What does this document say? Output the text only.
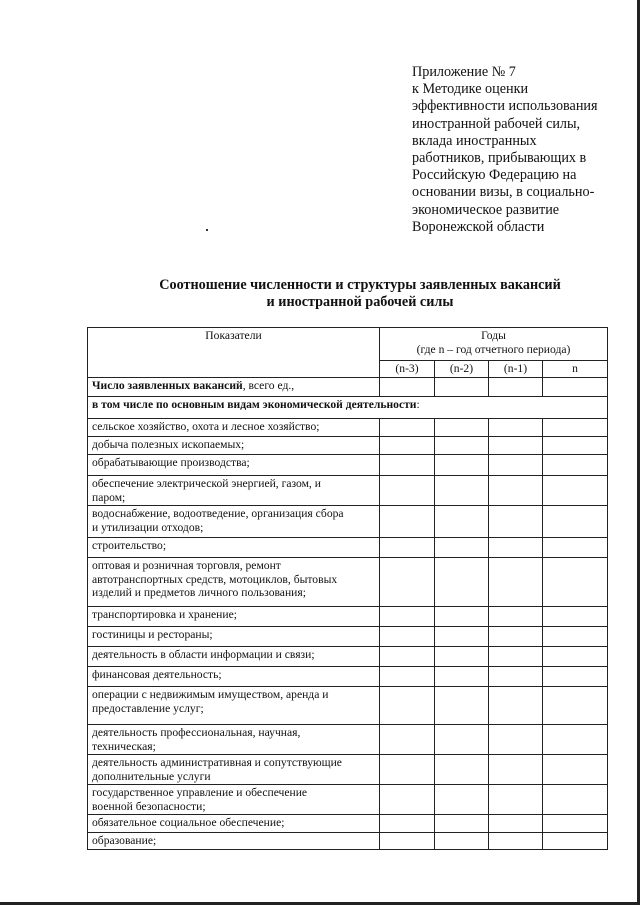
Приложение № 7
к Методике оценки
эффективности использования
иностранной рабочей силы,
вклада иностранных
работников, прибывающих в
Российскую Федерацию на
основании визы, в социально-
экономическое развитие
Воронежской области
Соотношение численности и структуры заявленных вакансий
и иностранной рабочей силы
Показатели	Годы
(где n – год отчетного периода)			

	(n-3)	(n-2)	(n-1)	n
Число заявленных вакансий, всего ед.,				
в том числе по основным видам экономической деятельности:				

сельское хозяйство, охота и лесное хозяйство;				

добыча полезных ископаемых;				

обрабатывающие производства;				

обеспечение электрической энергией, газом, и
паром;				

водоснабжение, водоотведение, организация сбора
и утилизации отходов;				

строительство;				

оптовая и розничная торговля, ремонт
автотранспортных средств, мотоциклов, бытовых
изделий и предметов личного пользования;				

транспортировка и хранение;				

гостиницы и рестораны;				

деятельность в области информации и связи;				

финансовая деятельность;				

операции с недвижимым имуществом, аренда и
предоставление услуг;				

деятельность профессиональная, научная,
техническая;				

деятельность административная и сопутствующие
дополнительные услуги				

государственное управление и обеспечение
военной безопасности;				

обязательное социальное обеспечение;				

образование;				
